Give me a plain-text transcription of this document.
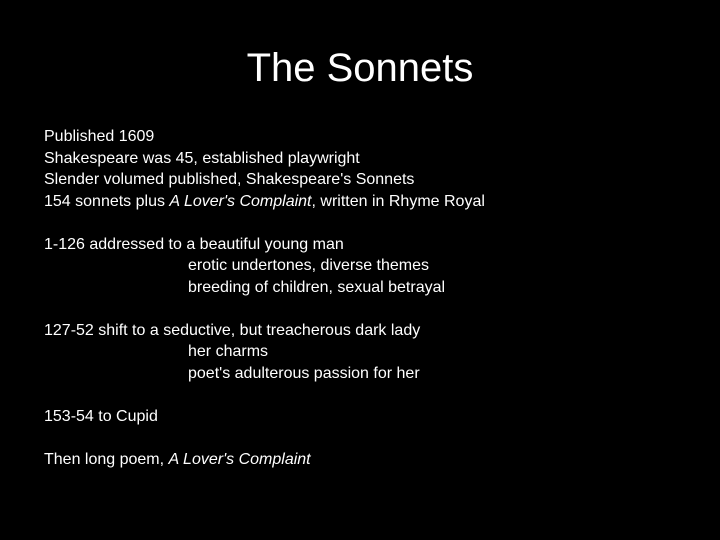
The Sonnets
Published 1609
Shakespeare was 45, established playwright
Slender volumed published, Shakespeare's Sonnets
154 sonnets plus A Lover's Complaint, written in Rhyme Royal
1-126 addressed to a beautiful young man
erotic undertones, diverse themes
breeding of children, sexual betrayal
127-52 shift to a seductive, but treacherous dark lady
her charms
poet's adulterous passion for her
153-54 to Cupid
Then long poem, A Lover's Complaint
